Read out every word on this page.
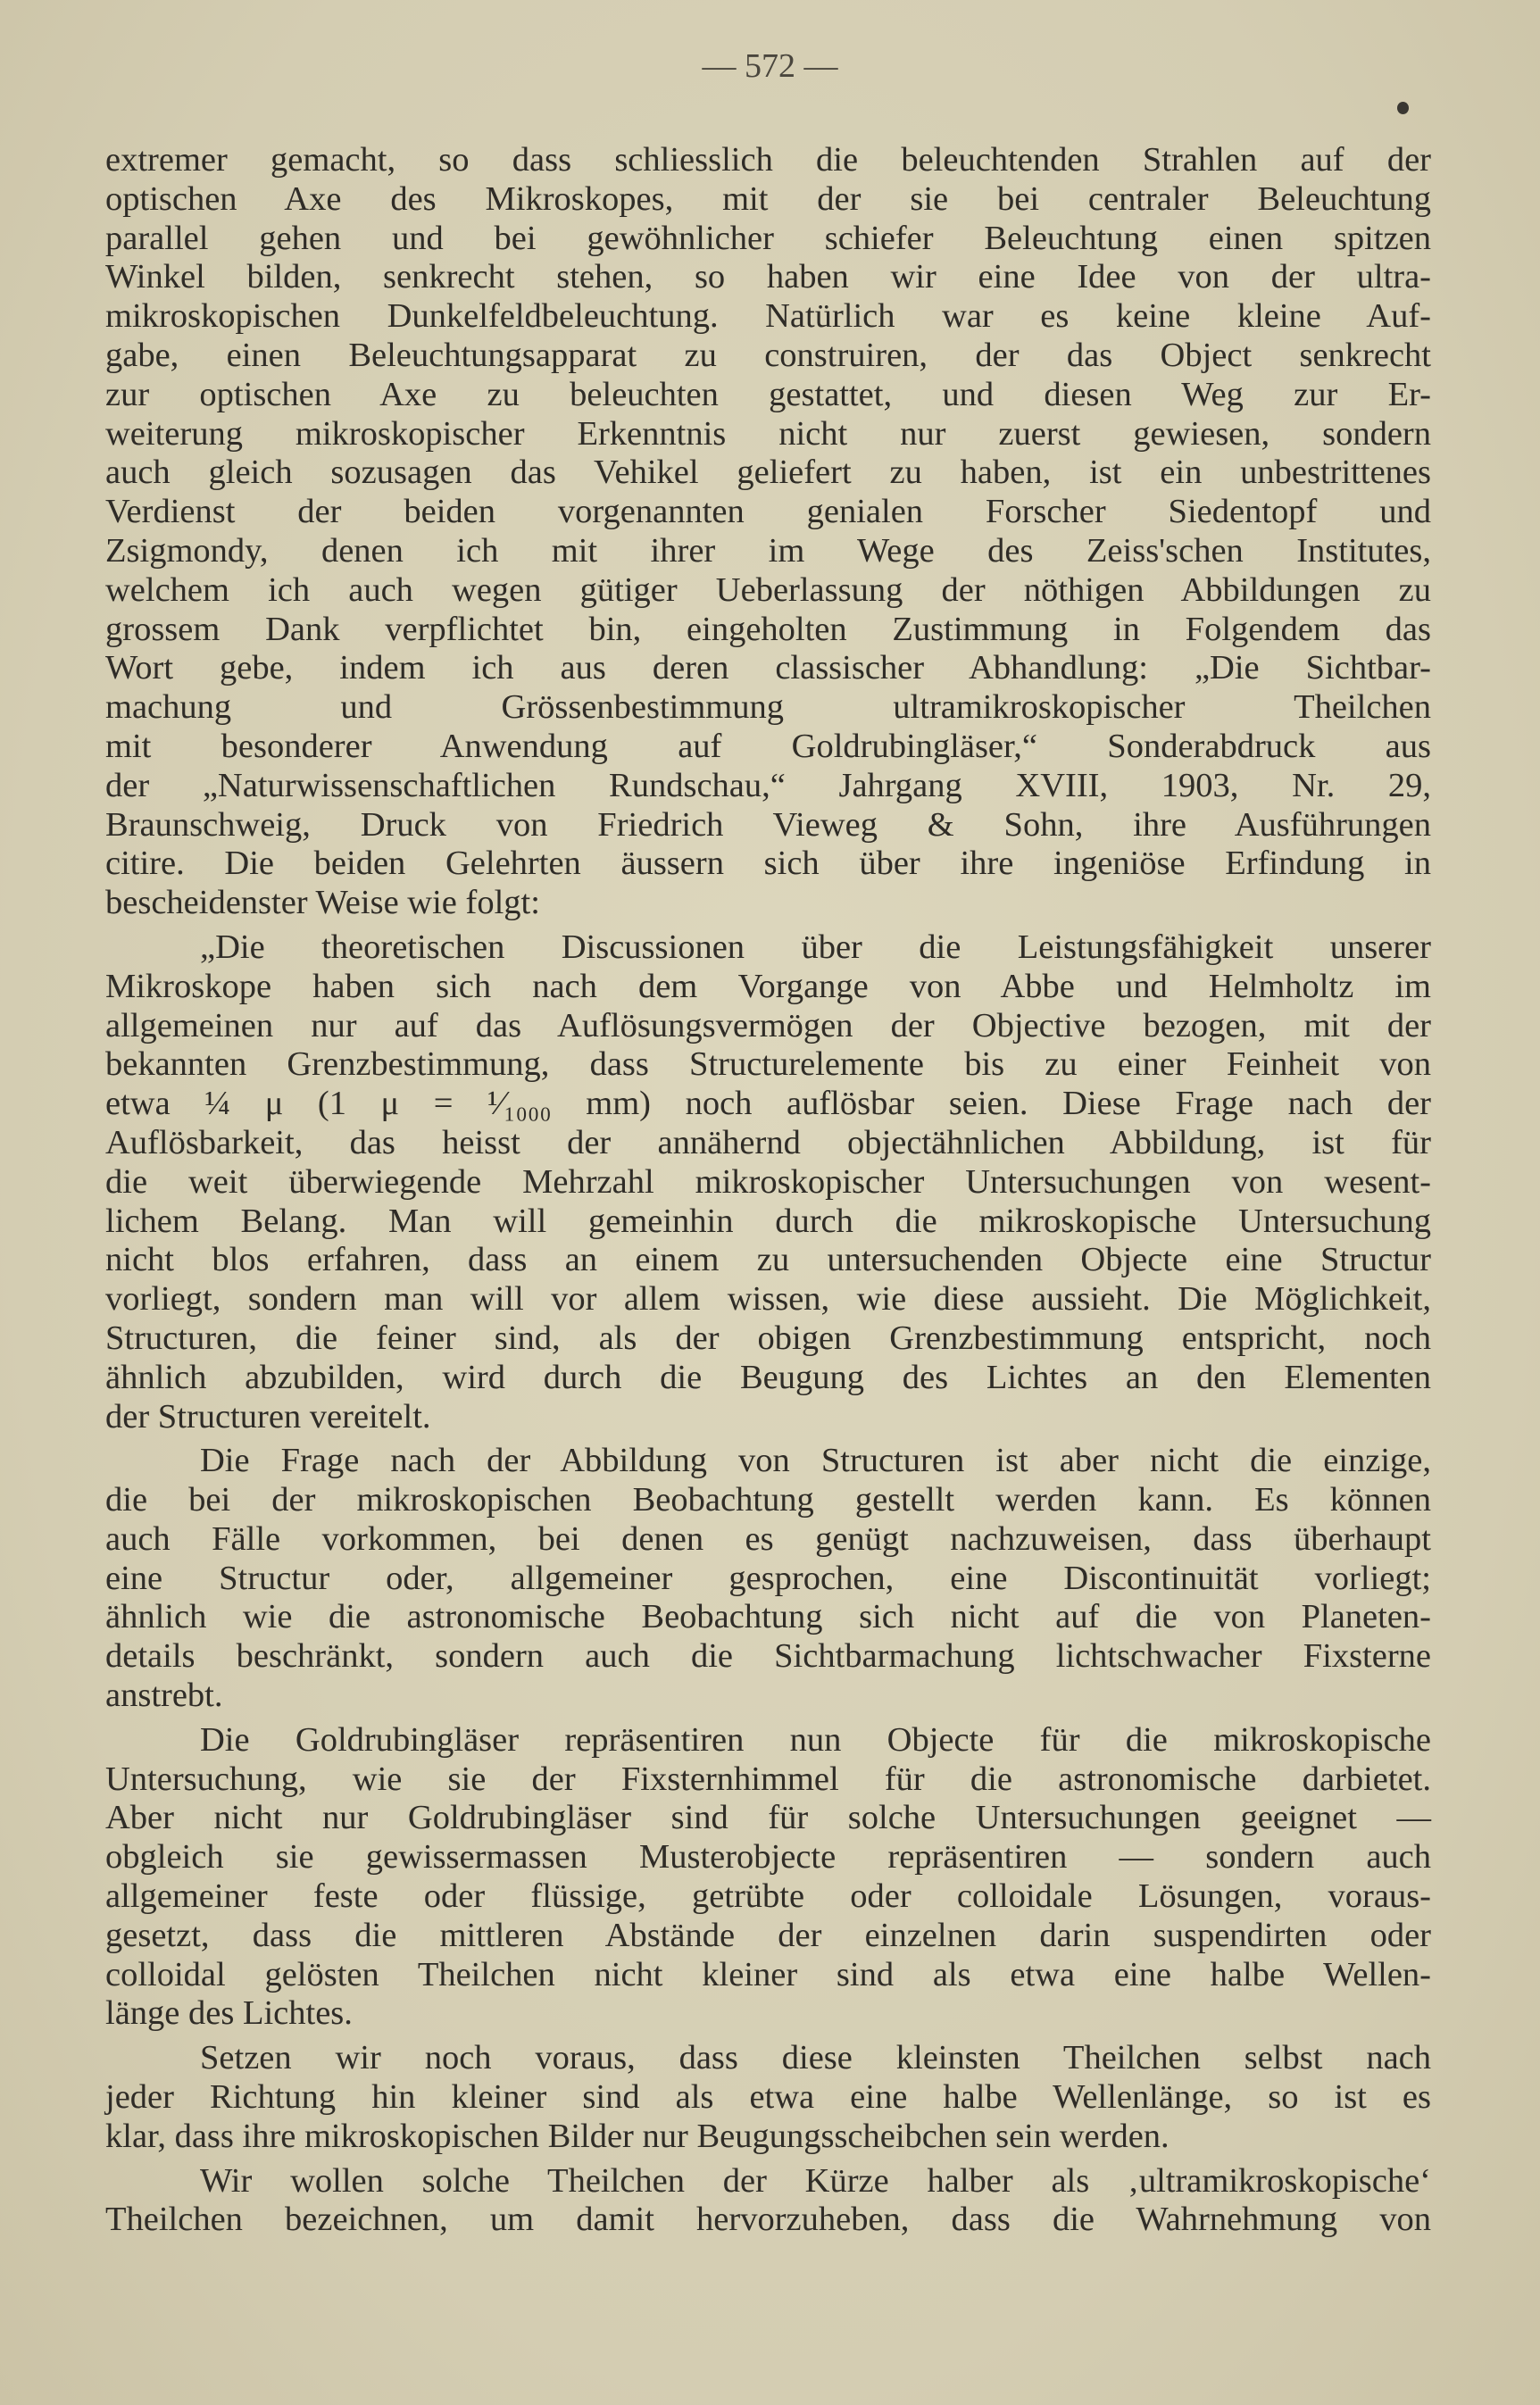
— 572 —
extremer gemacht, so dass schliesslich die beleuchtenden Strahlen auf der
optischen Axe des Mikroskopes, mit der sie bei centraler Beleuchtung
parallel gehen und bei gewöhnlicher schiefer Beleuchtung einen spitzen
Winkel bilden, senkrecht stehen, so haben wir eine Idee von der ultra-
mikroskopischen Dunkelfeldbeleuchtung. Natürlich war es keine kleine Auf-
gabe, einen Beleuchtungsapparat zu construiren, der das Object senkrecht
zur optischen Axe zu beleuchten gestattet, und diesen Weg zur Er-
weiterung mikroskopischer Erkenntnis nicht nur zuerst gewiesen, sondern
auch gleich sozusagen das Vehikel geliefert zu haben, ist ein unbestrittenes
Verdienst der beiden vorgenannten genialen Forscher Siedentopf und
Zsigmondy, denen ich mit ihrer im Wege des Zeiss'schen Institutes,
welchem ich auch wegen gütiger Ueberlassung der nöthigen Abbildungen zu
grossem Dank verpflichtet bin, eingeholten Zustimmung in Folgendem das
Wort gebe, indem ich aus deren classischer Abhandlung: „Die Sichtbar-
machung und Grössenbestimmung ultramikroskopischer Theilchen
mit besonderer Anwendung auf Goldrubingläser,“ Sonderabdruck aus
der „Naturwissenschaftlichen Rundschau,“ Jahrgang XVIII, 1903, Nr. 29,
Braunschweig, Druck von Friedrich Vieweg & Sohn, ihre Ausführungen
citire. Die beiden Gelehrten äussern sich über ihre ingeniöse Erfindung in
bescheidenster Weise wie folgt:
„Die theoretischen Discussionen über die Leistungsfähigkeit unserer
Mikroskope haben sich nach dem Vorgange von Abbe und Helmholtz im
allgemeinen nur auf das Auflösungsvermögen der Objective bezogen, mit der
bekannten Grenzbestimmung, dass Structurelemente bis zu einer Feinheit von
etwa ¼ μ (1 μ = ¹⁄₁₀₀₀ mm) noch auflösbar seien. Diese Frage nach der
Auflösbarkeit, das heisst der annähernd objectähnlichen Abbildung, ist für
die weit überwiegende Mehrzahl mikroskopischer Untersuchungen von wesent-
lichem Belang. Man will gemeinhin durch die mikroskopische Untersuchung
nicht blos erfahren, dass an einem zu untersuchenden Objecte eine Structur
vorliegt, sondern man will vor allem wissen, wie diese aussieht. Die Möglichkeit,
Structuren, die feiner sind, als der obigen Grenzbestimmung entspricht, noch
ähnlich abzubilden, wird durch die Beugung des Lichtes an den Elementen
der Structuren vereitelt.
Die Frage nach der Abbildung von Structuren ist aber nicht die einzige,
die bei der mikroskopischen Beobachtung gestellt werden kann. Es können
auch Fälle vorkommen, bei denen es genügt nachzuweisen, dass überhaupt
eine Structur oder, allgemeiner gesprochen, eine Discontinuität vorliegt;
ähnlich wie die astronomische Beobachtung sich nicht auf die von Planeten-
details beschränkt, sondern auch die Sichtbarmachung lichtschwacher Fixsterne
anstrebt.
Die Goldrubingläser repräsentiren nun Objecte für die mikroskopische
Untersuchung, wie sie der Fixsternhimmel für die astronomische darbietet.
Aber nicht nur Goldrubingläser sind für solche Untersuchungen geeignet —
obgleich sie gewissermassen Musterobjecte repräsentiren — sondern auch
allgemeiner feste oder flüssige, getrübte oder colloidale Lösungen, voraus-
gesetzt, dass die mittleren Abstände der einzelnen darin suspendirten oder
colloidal gelösten Theilchen nicht kleiner sind als etwa eine halbe Wellen-
länge des Lichtes.
Setzen wir noch voraus, dass diese kleinsten Theilchen selbst nach
jeder Richtung hin kleiner sind als etwa eine halbe Wellenlänge, so ist es
klar, dass ihre mikroskopischen Bilder nur Beugungsscheibchen sein werden.
Wir wollen solche Theilchen der Kürze halber als ‚ultramikroskopische‘
Theilchen bezeichnen, um damit hervorzuheben, dass die Wahrnehmung von
